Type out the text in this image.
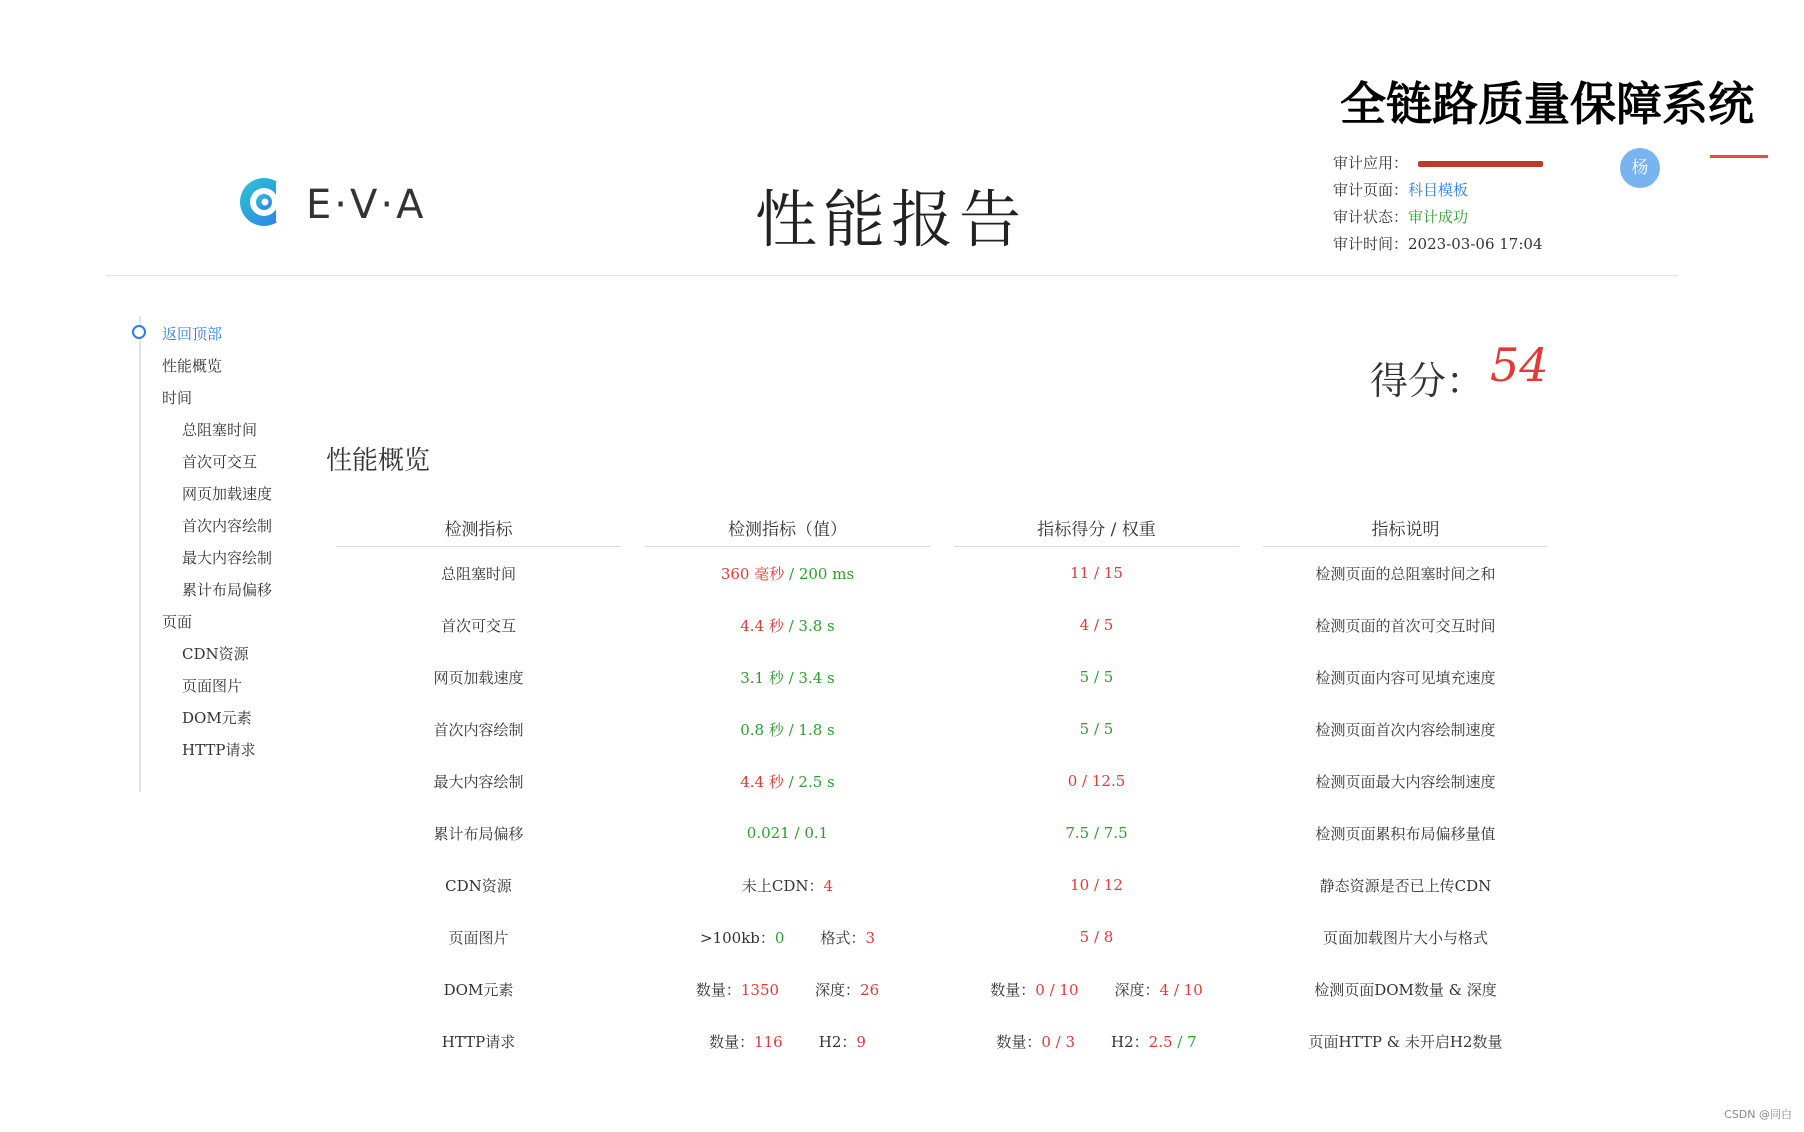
全链路质量保障系统
E·V·A	性能报告
审计应用：
审计页面：科目模板
审计状态：审计成功
审计时间：2023-03-06 17:04
杨
返回顶部
性能概览
时间
总阻塞时间
首次可交互
网页加载速度
首次内容绘制
最大内容绘制
累计布局偏移
页面
CDN资源
页面图片
DOM元素
HTTP请求
得分： 54
性能概览
检测指标		检测指标（值）		指标得分 / 权重		指标说明
总阻塞时间		360 毫秒 / 200 ms		11 / 15		检测页面的总阻塞时间之和
首次可交互		4.4 秒 / 3.8 s		4 / 5		检测页面的首次可交互时间
网页加载速度		3.1 秒 / 3.4 s		5 / 5		检测页面内容可见填充速度
首次内容绘制		0.8 秒 / 1.8 s		5 / 5		检测页面首次内容绘制速度
最大内容绘制		4.4 秒 / 2.5 s		0 / 12.5		检测页面最大内容绘制速度
累计布局偏移		0.021 / 0.1		7.5 / 7.5		检测页面累积布局偏移量值
CDN资源		未上CDN：4		10 / 12		静态资源是否已上传CDN
页面图片		>100kb：0 格式：3		5 / 8		页面加载图片大小与格式
DOM元素		数量：1350 深度：26		数量：0 / 10 深度：4 / 10		检测页面DOM数量 & 深度
HTTP请求		数量：116 H2：9		数量：0 / 3 H2：2.5 / 7		页面HTTP & 未开启H2数量
CSDN @同白
